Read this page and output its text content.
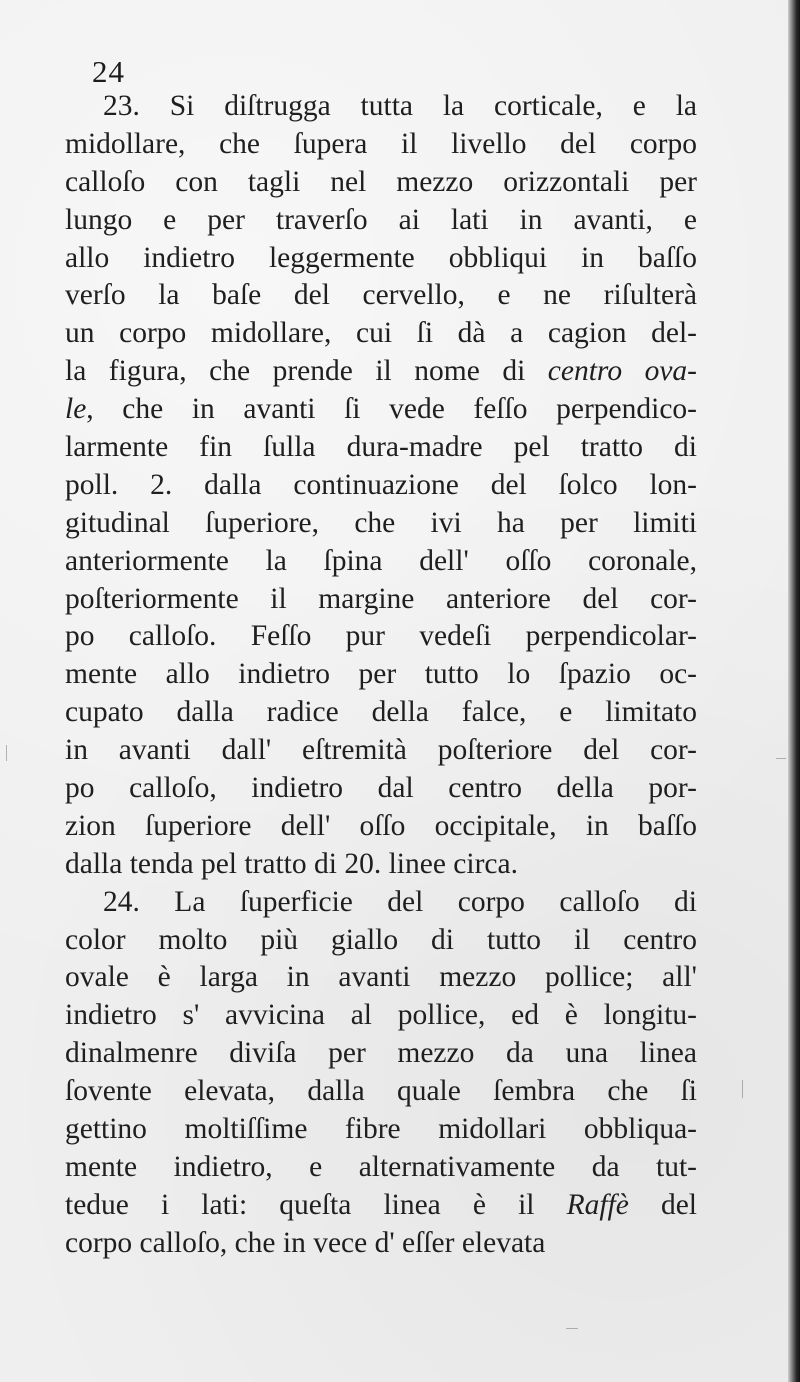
24
23. Si diſtrugga tutta la corticale, e la
midollare, che ſupera il livello del corpo
calloſo con tagli nel mezzo orizzontali per
lungo e per traverſo ai lati in avanti, e
allo indietro leggermente obbliqui in baſſo
verſo la baſe del cervello, e ne riſulterà
un corpo midollare, cui ſi dà a cagion del-
la figura, che prende il nome di centro ova-
le, che in avanti ſi vede feſſo perpendico-
larmente fin ſulla dura-madre pel tratto di
poll. 2. dalla continuazione del ſolco lon-
gitudinal ſuperiore, che ivi ha per limiti
anteriormente la ſpina dell' oſſo coronale,
poſteriormente il margine anteriore del cor-
po calloſo. Feſſo pur vedeſi perpendicolar-
mente allo indietro per tutto lo ſpazio oc-
cupato dalla radice della falce, e limitato
in avanti dall' eſtremità poſteriore del cor-
po calloſo, indietro dal centro della por-
zion ſuperiore dell' oſſo occipitale, in baſſo
dalla tenda pel tratto di 20. linee circa.
24. La ſuperficie del corpo calloſo di
color molto più giallo di tutto il centro
ovale è larga in avanti mezzo pollice; all'
indietro s' avvicina al pollice, ed è longitu-
dinalmenre diviſa per mezzo da una linea
ſovente elevata, dalla quale ſembra che ſi
gettino moltiſſime fibre midollari obbliqua-
mente indietro, e alternativamente da tut-
tedue i lati: queſta linea è il Raffè del
corpo calloſo, che in vece d' eſſer elevata
